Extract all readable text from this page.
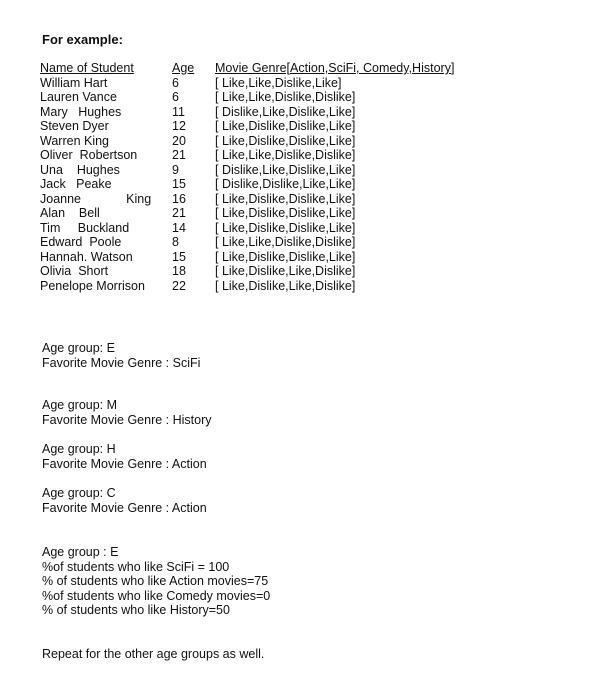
For example:
Name of Student	Age	Movie Genre[Action,SciFi, Comedy,History]
William Hart	6	[ Like,Like,Dislike,Like]
Lauren Vance	6	[ Like,Like,Dislike,Dislike]
Mary   Hughes	11	[ Dislike,Like,Dislike,Like]
Steven Dyer	12	[ Like,Dislike,Dislike,Like]
Warren King	20	[ Like,Dislike,Dislike,Like]
Oliver  Robertson	21	[ Like,Like,Dislike,Dislike]
Una    Hughes	9	[ Dislike,Like,Dislike,Like]
Jack   Peake	15	[ Dislike,Dislike,Like,Like]
Joanne             King	16	[ Like,Dislike,Dislike,Like]
Alan    Bell	21	[ Like,Dislike,Dislike,Like]
Tim     Buckland	14	[ Like,Dislike,Dislike,Like]
Edward  Poole	8	[ Like,Like,Dislike,Dislike]
Hannah. Watson	15	[ Like,Dislike,Dislike,Like]
Olivia  Short	18	[ Like,Dislike,Like,Dislike]
Penelope Morrison	22	[ Like,Dislike,Like,Dislike]
Age group: E
Favorite Movie Genre : SciFi
Age group: M
Favorite Movie Genre : History
Age group: H
Favorite Movie Genre : Action
Age group: C
Favorite Movie Genre : Action
Age group : E
%of students who like SciFi = 100
% of students who like Action movies=75
%of students who like Comedy movies=0
% of students who like History=50
Repeat for the other age groups as well.
